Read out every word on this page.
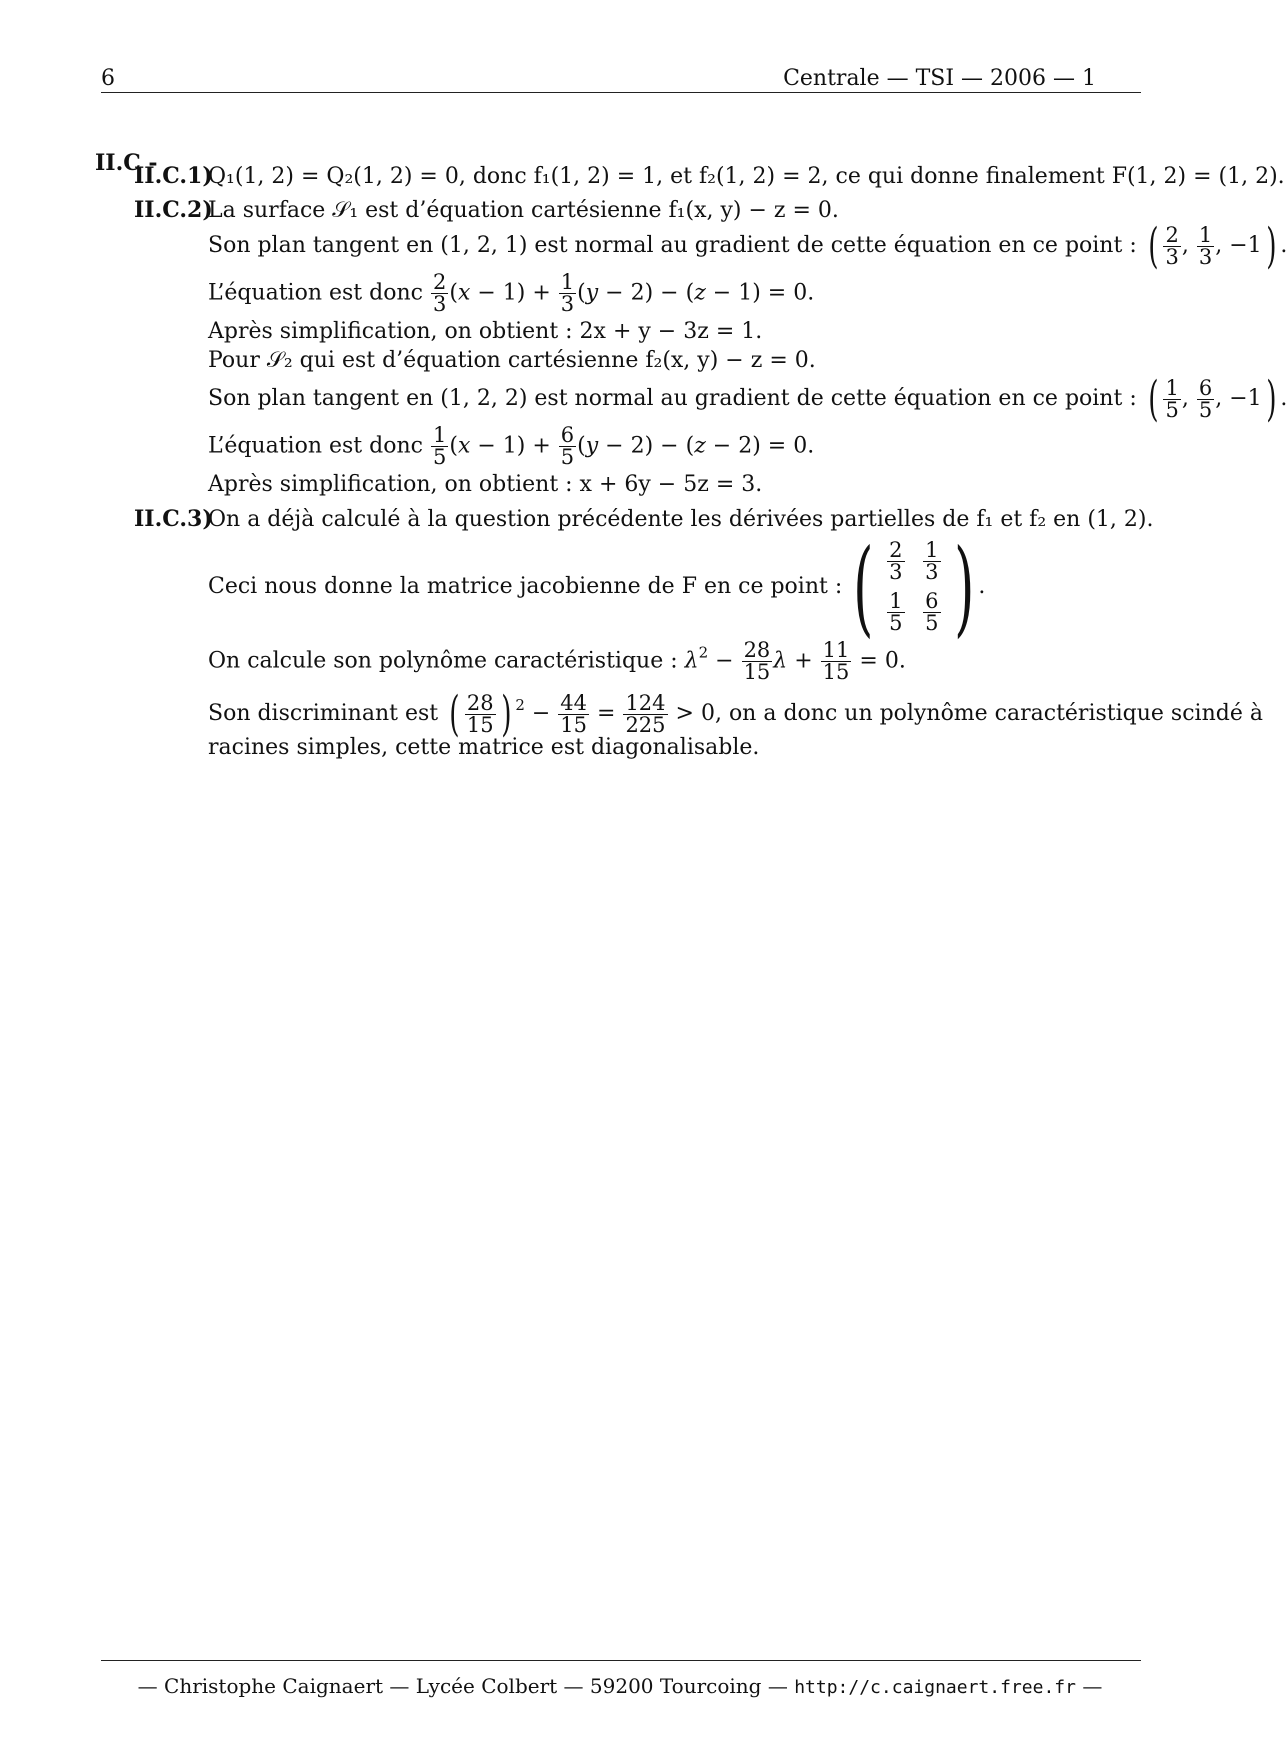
6	Centrale — TSI — 2006 — 1
II.C -
II.C.1)Q₁(1, 2) = Q₂(1, 2) = 0, donc f₁(1, 2) = 1, et f₂(1, 2) = 2, ce qui donne finalement F(1, 2) = (1, 2).
II.C.2)La surface 𝒮₁ est d’équation cartésienne f₁(x, y) − z = 0.
Son plan tangent en (1, 2, 1) est normal au gradient de cette équation en ce point : ( $\frac{2}{3}$ , $\frac{1}{3}$ , −1) .
L’équation est donc $\frac{2}{3} (x - 1) + \frac{1}{3} (y - 2) - (z - 1) = 0$.
Après simplification, on obtient : 2x + y − 3z = 1.
Pour 𝒮₂ qui est d’équation cartésienne f₂(x, y) − z = 0.
Son plan tangent en (1, 2, 2) est normal au gradient de cette équation en ce point : ( $\frac{1}{5}$ , $\frac{6}{5}$ , −1) .
L’équation est donc $\frac{1}{5} (x - 1) + \frac{6}{5} (y - 2) - (z - 2) = 0$.
Après simplification, on obtient : x + 6y − 5z = 3.
II.C.3)On a déjà calculé à la question précédente les dérivées partielles de f₁ et f₂ en (1, 2).
Ceci nous donne la matrice jacobienne de F en ce point : ( $\frac{2}{3} \frac{1}{3}$
$\frac{1}{5} \frac{6}{5}$ ) .
On calcule son polynôme caractéristique : $\lambda^2 - \frac{28}{15}$ $\lambda + \frac{11}{15} = 0$.
Son discriminant est ( $\frac{28}{15}$ ) $^2 - \frac{44}{15} = \frac{124}{225} > 0$, on a donc un polynôme caractéristique scindé à
racines simples, cette matrice est diagonalisable.
— Christophe Caignaert — Lycée Colbert — 59200 Tourcoing — http://c.caignaert.free.fr —
